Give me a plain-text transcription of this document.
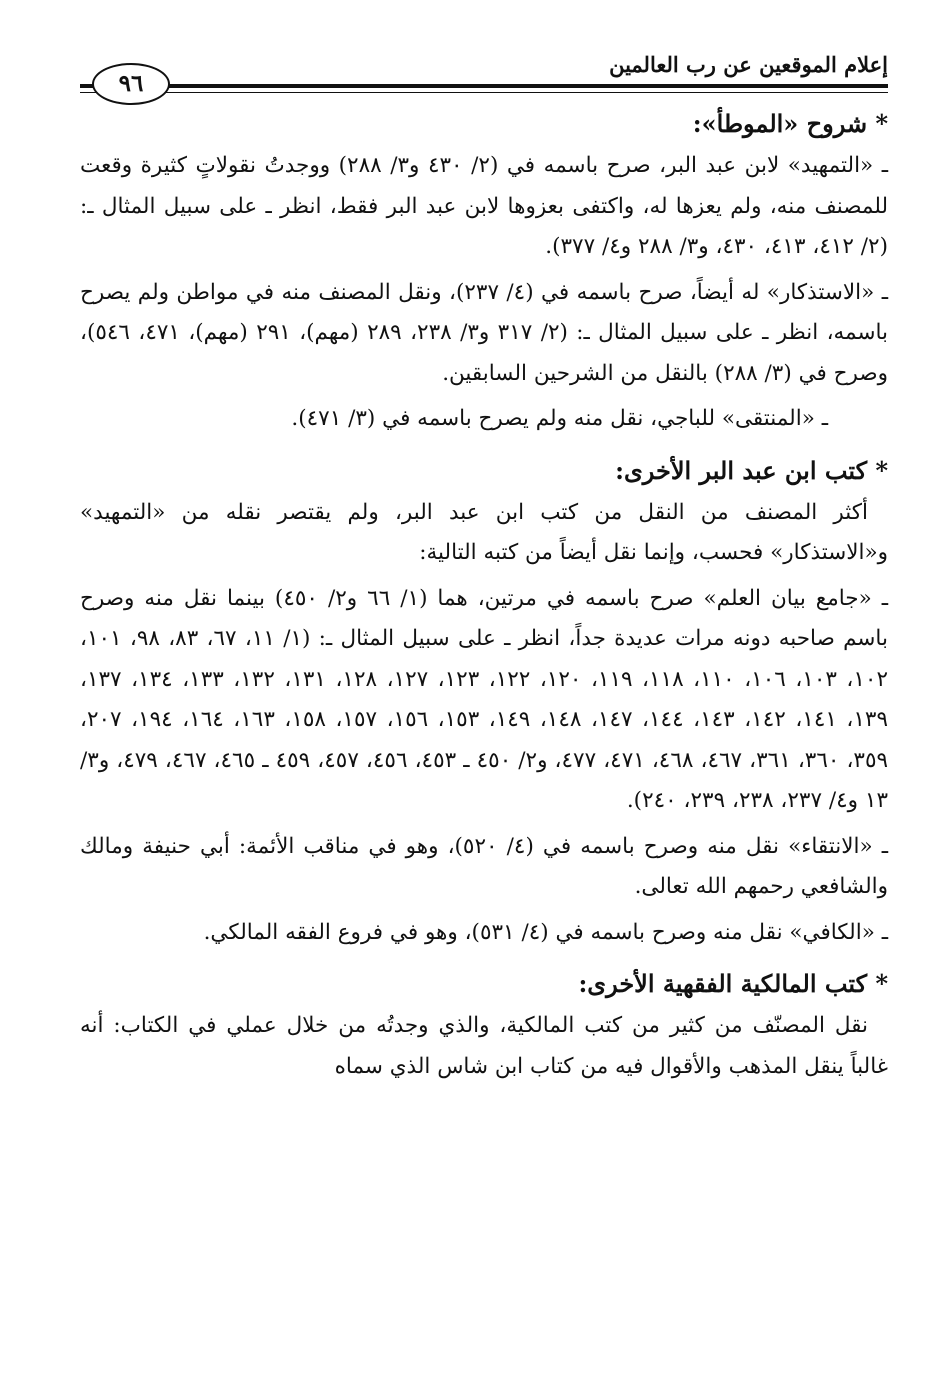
إعلام الموقعين عن رب العالمين
٩٦
* شروح «الموطأ»:

ـ «التمهيد» لابن عبد البر، صرح باسمه في (٢/ ٤٣٠ و٣/ ٢٨٨) ووجدتُ نقولاتٍ كثيرة وقعت للمصنف منه، ولم يعزها له، واكتفى بعزوها لابن عبد البر فقط، انظر ـ على سبيل المثال ـ: (٢/ ٤١٢، ٤١٣، ٤٣٠، و٣/ ٢٨٨ و٤/ ٣٧٧).

ـ «الاستذكار» له أيضاً، صرح باسمه في (٤/ ٢٣٧)، ونقل المصنف منه في مواطن ولم يصرح باسمه، انظر ـ على سبيل المثال ـ: (٢/ ٣١٧ و٣/ ٢٣٨، ٢٨٩ (مهم)، ٢٩١ (مهم)، ٤٧١، ٥٤٦)، وصرح في (٣/ ٢٨٨) بالنقل من الشرحين السابقين.

ـ «المنتقى» للباجي، نقل منه ولم يصرح باسمه في (٣/ ٤٧١).

* كتب ابن عبد البر الأخرى:

أكثر المصنف من النقل من كتب ابن عبد البر، ولم يقتصر نقله من «التمهيد» و«الاستذكار» فحسب، وإنما نقل أيضاً من كتبه التالية:

ـ «جامع بيان العلم» صرح باسمه في مرتين، هما (١/ ٦٦ و٢/ ٤٥٠) بينما نقل منه وصرح باسم صاحبه دونه مرات عديدة جداً، انظر ـ على سبيل المثال ـ: (١/ ١١، ٦٧، ٨٣، ٩٨، ١٠١، ١٠٢، ١٠٣، ١٠٦، ١١٠، ١١٨، ١١٩، ١٢٠، ١٢٢، ١٢٣، ١٢٧، ١٢٨، ١٣١، ١٣٢، ١٣٣، ١٣٤، ١٣٧، ١٣٩، ١٤١، ١٤٢، ١٤٣، ١٤٤، ١٤٧، ١٤٨، ١٤٩، ١٥٣، ١٥٦، ١٥٧، ١٥٨، ١٦٣، ١٦٤، ١٩٤، ٢٠٧، ٣٥٩، ٣٦٠، ٣٦١، ٤٦٧، ٤٦٨، ٤٧١، ٤٧٧، و٢/ ٤٥٠ ـ ٤٥٣، ٤٥٦، ٤٥٧، ٤٥٩ ـ ٤٦٥، ٤٦٧، ٤٧٩، و٣/ ١٣ و٤/ ٢٣٧، ٢٣٨، ٢٣٩، ٢٤٠).

ـ «الانتقاء» نقل منه وصرح باسمه في (٤/ ٥٢٠)، وهو في مناقب الأئمة: أبي حنيفة ومالك والشافعي رحمهم الله تعالى.

ـ «الكافي» نقل منه وصرح باسمه في (٤/ ٥٣١)، وهو في فروع الفقه المالكي.

* كتب المالكية الفقهية الأخرى:

نقل المصنّف من كثير من كتب المالكية، والذي وجدتُه من خلال عملي في الكتاب: أنه غالباً ينقل المذهب والأقوال فيه من كتاب ابن شاس الذي سماه
